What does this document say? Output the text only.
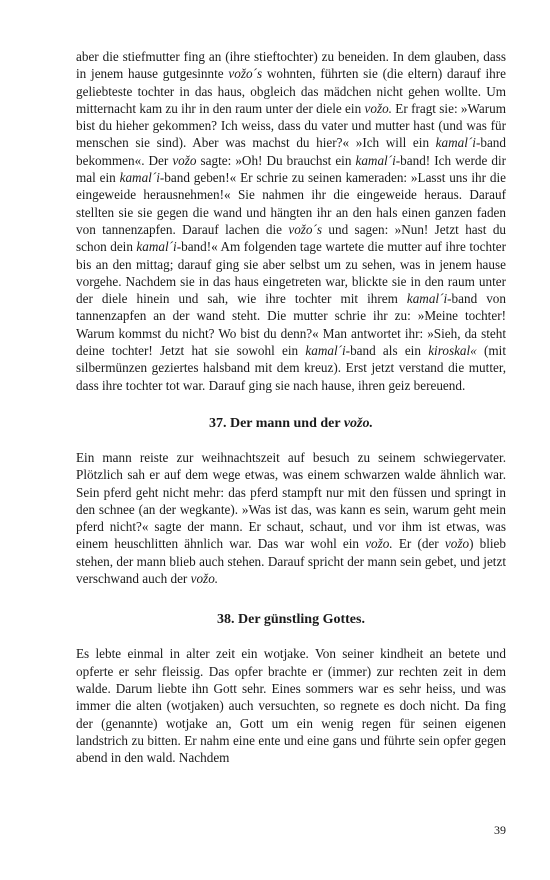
aber die stiefmutter fing an (ihre stieftochter) zu beneiden. In dem glauben, dass in jenem hause gutgesinnte vožo´s wohnten, führten sie (die eltern) darauf ihre geliebteste tochter in das haus, obgleich das mädchen nicht gehen wollte. Um mitternacht kam zu ihr in den raum unter der diele ein vožo. Er fragt sie: »Warum bist du hieher gekommen? Ich weiss, dass du vater und mutter hast (und was für menschen sie sind). Aber was machst du hier?« »Ich will ein kamal´i-band bekommen«. Der vožo sagte: »Oh! Du brauchst ein kamal´i-band! Ich werde dir mal ein kamal´i-band geben!« Er schrie zu seinen kameraden: »Lasst uns ihr die eingeweide herausnehmen!« Sie nahmen ihr die eingeweide heraus. Darauf stellten sie sie gegen die wand und hängten ihr an den hals einen ganzen faden von tannenzapfen. Darauf lachen die vožo´s und sagen: »Nun! Jetzt hast du schon dein kamal´i-band!« Am folgenden tage wartete die mutter auf ihre tochter bis an den mittag; darauf ging sie aber selbst um zu sehen, was in jenem hause vorgehe. Nachdem sie in das haus eingetreten war, blickte sie in den raum unter der diele hinein und sah, wie ihre tochter mit ihrem kamal´i-band von tannenzapfen an der wand steht. Die mutter schrie ihr zu: »Meine tochter! Warum kommst du nicht? Wo bist du denn?« Man antwortet ihr: »Sieh, da steht deine tochter! Jetzt hat sie sowohl ein kamal´i-band als ein kiroskal« (mit silbermünzen geziertes halsband mit dem kreuz). Erst jetzt verstand die mutter, dass ihre tochter tot war. Darauf ging sie nach hause, ihren geiz bereuend.

37. Der mann und der vožo.

Ein mann reiste zur weihnachtszeit auf besuch zu seinem schwiegervater. Plötzlich sah er auf dem wege etwas, was einem schwarzen walde ähnlich war. Sein pferd geht nicht mehr: das pferd stampft nur mit den füssen und springt in den schnee (an der wegkante). »Was ist das, was kann es sein, warum geht mein pferd nicht?« sagte der mann. Er schaut, schaut, und vor ihm ist etwas, was einem heuschlitten ähnlich war. Das war wohl ein vožo. Er (der vožo) blieb stehen, der mann blieb auch stehen. Darauf spricht der mann sein gebet, und jetzt verschwand auch der vožo.

38. Der günstling Gottes.

Es lebte einmal in alter zeit ein wotjake. Von seiner kindheit an betete und opferte er sehr fleissig. Das opfer brachte er (immer) zur rechten zeit in dem walde. Darum liebte ihn Gott sehr. Eines sommers war es sehr heiss, und was immer die alten (wotjaken) auch versuchten, so regnete es doch nicht. Da fing der (genannte) wotjake an, Gott um ein wenig regen für seinen eigenen landstrich zu bitten. Er nahm eine ente und eine gans und führte sein opfer gegen abend in den wald. Nachdem

39
